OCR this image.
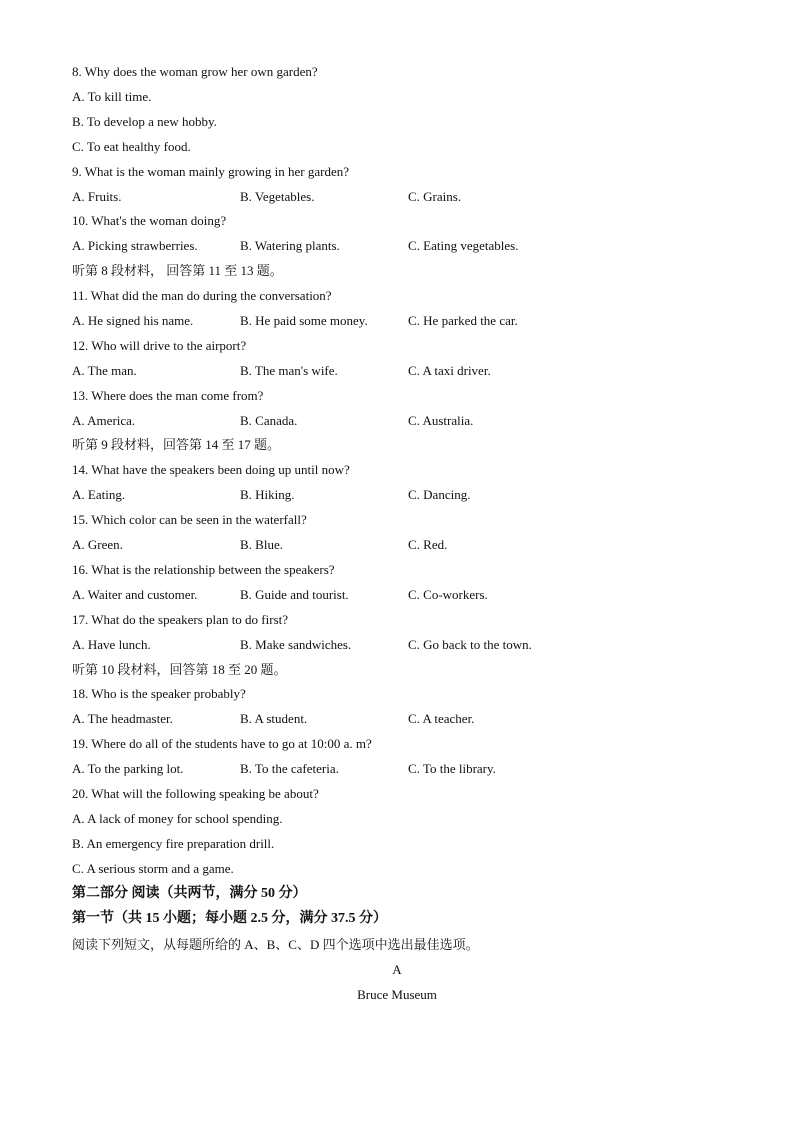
8. Why does the woman grow her own garden?
A. To kill time.
B. To develop a new hobby.
C. To eat healthy food.
9. What is the woman mainly growing in her garden?
A. Fruits.	B. Vegetables.	C. Grains.
10. What's the woman doing?
A. Picking strawberries.	B. Watering plants.	C. Eating vegetables.
听第 8 段材料， 回答第 11 至 13 题。
11. What did the man do during the conversation?
A. He signed his name.	B. He paid some money.	C. He parked the car.
12. Who will drive to the airport?
A. The man.	B. The man's wife.	C. A taxi driver.
13. Where does the man come from?
A. America.	B. Canada.	C. Australia.
听第 9 段材料，回答第 14 至 17 题。
14. What have the speakers been doing up until now?
A. Eating.	B. Hiking.	C. Dancing.
15. Which color can be seen in the waterfall?
A. Green.	B. Blue.	C. Red.
16. What is the relationship between the speakers?
A. Waiter and customer.	B. Guide and tourist.	C. Co-workers.
17. What do the speakers plan to do first?
A. Have lunch.	B. Make sandwiches.	C. Go back to the town.
听第 10 段材料，回答第 18 至 20 题。
18. Who is the speaker probably?
A. The headmaster.	B. A student.	C. A teacher.
19. Where do all of the students have to go at 10:00 a. m?
A. To the parking lot.	B. To the cafeteria.	C. To the library.
20. What will the following speaking be about?
A. A lack of money for school spending.
B. An emergency fire preparation drill.
C. A serious storm and a game.
第二部分 阅读（共两节，满分 50 分）
第一节（共 15 小题；每小题 2.5 分，满分 37.5 分）
阅读下列短文，从每题所给的 A、B、C、D 四个选项中选出最佳选项。
A
Bruce Museum
